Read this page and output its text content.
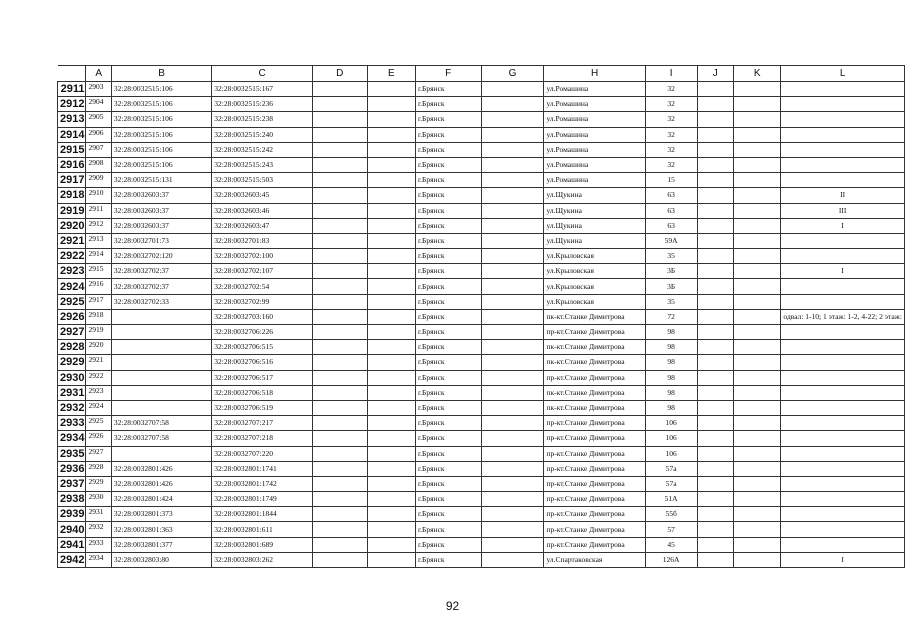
	A	B	C	D	E	F	G	H	I	J	K	L
2911	2903	32:28:0032515:106	32:28:0032515:167			г.Брянск		ул.Ромашина	32			
2912	2904	32:28:0032515:106	32:28:0032515:236			г.Брянск		ул.Ромашина	32			
2913	2905	32:28:0032515:106	32:28:0032515:238			г.Брянск		ул.Ромашина	32			
2914	2906	32:28:0032515:106	32:28:0032515:240			г.Брянск		ул.Ромашина	32			
2915	2907	32:28:0032515:106	32:28:0032515:242			г.Брянск		ул.Ромашина	32			
2916	2908	32:28:0032515:106	32:28:0032515:243			г.Брянск		ул.Ромашина	32			
2917	2909	32:28:0032515:131	32:28:0032515:503			г.Брянск		ул.Ромашина	15			
2918	2910	32:28:0032603:37	32:28:0032603:45			г.Брянск		ул.Щукина	63			II
2919	2911	32:28:0032603:37	32:28:0032603:46			г.Брянск		ул.Щукина	63			III
2920	2912	32:28:0032603:37	32:28:0032603:47			г.Брянск		ул.Щукина	63			I
2921	2913	32:28:0032701:73	32:28:0032701:83			г.Брянск		ул.Щукина	59А			
2922	2914	32:28:0032702:120	32:28:0032702:100			г.Брянск		ул.Крыловская	35			
2923	2915	32:28:0032702:37	32:28:0032702:107			г.Брянск		ул.Крыловская	3Б			I
2924	2916	32:28:0032702:37	32:28:0032702:54			г.Брянск		ул.Крыловская	3Б			
2925	2917	32:28:0032702:33	32:28:0032702:99			г.Брянск		ул.Крыловская	35			
2926	2918		32:28:0032703:160			г.Брянск		пк-кт.Станке Димитрова	72			одвал: 1-10; 1 этаж: 1-2, 4-22; 2 этаж:
2927	2919		32:28:0032706:226			г.Брянск		пр-кт.Станке Димитрова	98			
2928	2920		32:28:0032706:515			г.Брянск		пк-кт.Станке Димитрова	98			
2929	2921		32:28:0032706:516			г.Брянск		пк-кт.Станке Димитрова	98			
2930	2922		32:28:0032706:517			г.Брянск		пр-кт.Станке Димитрова	98			
2931	2923		32:28:0032706:518			г.Брянск		пк-кт.Станке Димитрова	98			
2932	2924		32:28:0032706:519			г.Брянск		пк-кт.Станке Димитрова	98			
2933	2925	32:28:0032707:58	32:28:0032707:217			г.Брянск		пр-кт.Станке Димитрова	106			
2934	2926	32:28:0032707:58	32:28:0032707:218			г.Брянск		пр-кт.Станке Димитрова	106			
2935	2927		32:28:0032707:220			г.Брянск		пр-кт.Станке Димитрова	106			
2936	2928	32:28:0032801:426	32:28:0032801:1741			г.Брянск		пр-кт.Станке Димитрова	57а			
2937	2929	32:28:0032801:426	32:28:0032801:1742			г.Брянск		пр-кт.Станке Димитрова	57а			
2938	2930	32:28:0032801:424	32:28:0032801:1749			г.Брянск		пр-кт.Станке Димитрова	51А			
2939	2931	32:28:0032801:373	32:28:0032801:1844			г.Брянск		пр-кт.Станке Димитрова	55б			
2940	2932	32:28:0032801:363	32:28:0032801:611			г.Брянск		пр-кт.Станке Димитрова	57			
2941	2933	32:28:0032801:377	32:28:0032801:689			г.Брянск		пр-кт.Станке Димитрова	45			
2942	2934	32:28:0032803:80	32:28:0032803:262			г.Брянск		ул.Спартаковская	126А			I
92
